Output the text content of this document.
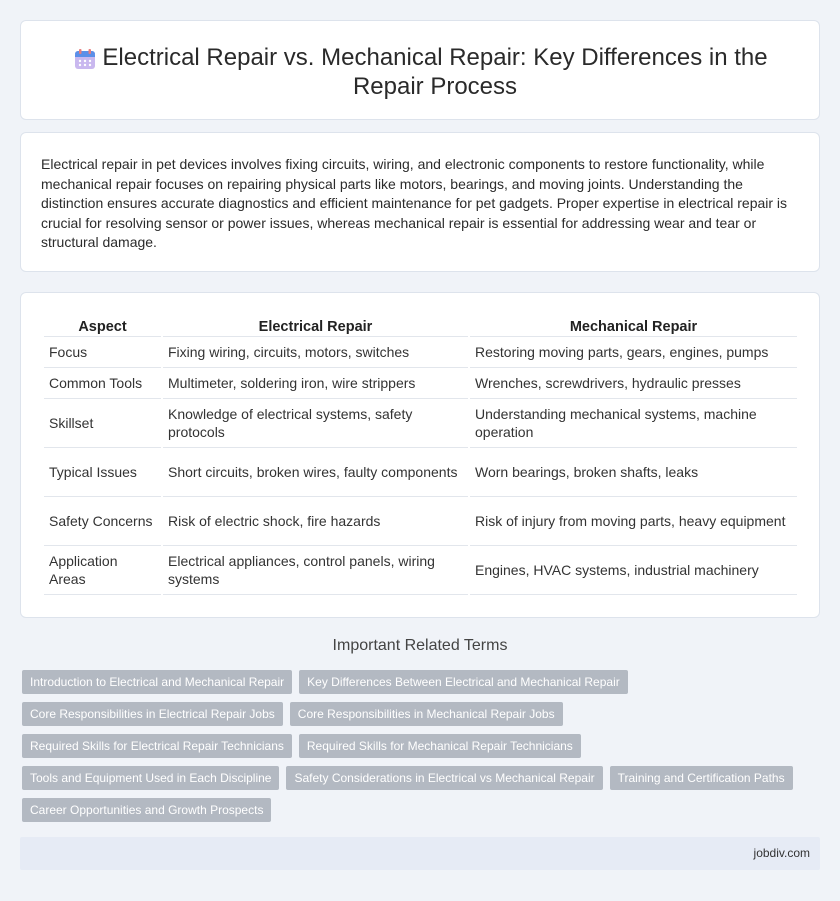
Electrical Repair vs. Mechanical Repair: Key Differences in the Repair Process

Electrical repair in pet devices involves fixing circuits, wiring, and electronic components to restore functionality, while mechanical repair focuses on repairing physical parts like motors, bearings, and moving joints. Understanding the distinction ensures accurate diagnostics and efficient maintenance for pet gadgets. Proper expertise in electrical repair is crucial for resolving sensor or power issues, whereas mechanical repair is essential for addressing wear and tear or structural damage.

Aspect	Electrical Repair	Mechanical Repair
Focus	Fixing wiring, circuits, motors, switches	Restoring moving parts, gears, engines, pumps
Common Tools	Multimeter, soldering iron, wire strippers	Wrenches, screwdrivers, hydraulic presses
Skillset	Knowledge of electrical systems, safety protocols	Understanding mechanical systems, machine operation
Typical Issues	Short circuits, broken wires, faulty components	Worn bearings, broken shafts, leaks
Safety Concerns	Risk of electric shock, fire hazards	Risk of injury from moving parts, heavy equipment
Application Areas	Electrical appliances, control panels, wiring systems	Engines, HVAC systems, industrial machinery
Important Related Terms
Introduction to Electrical and Mechanical Repair	Key Differences Between Electrical and Mechanical Repair
Core Responsibilities in Electrical Repair Jobs	Core Responsibilities in Mechanical Repair Jobs
Required Skills for Electrical Repair Technicians	Required Skills for Mechanical Repair Technicians
Tools and Equipment Used in Each Discipline	Safety Considerations in Electrical vs Mechanical Repair	Training and Certification Paths
Career Opportunities and Growth Prospects
jobdiv.com
